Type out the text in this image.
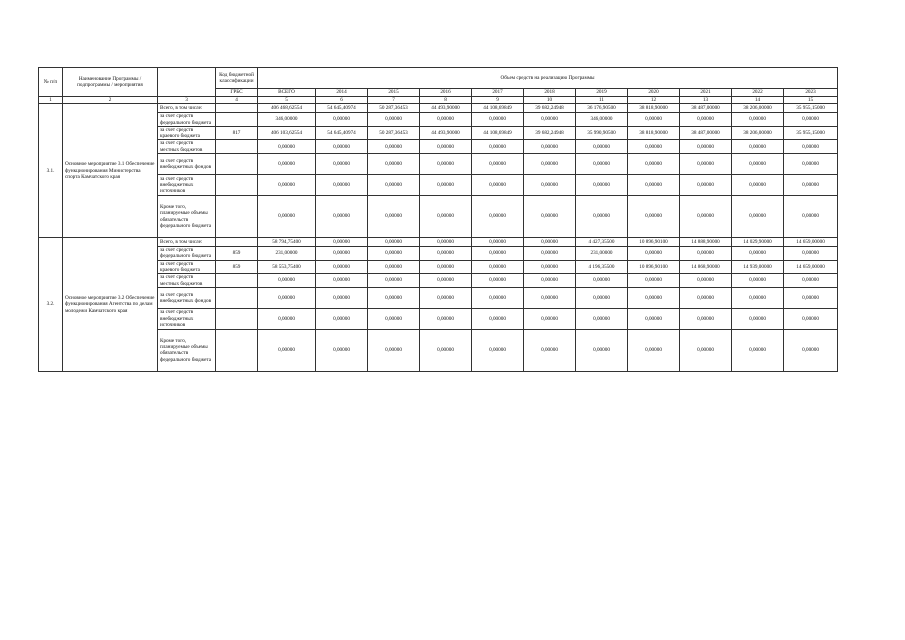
№ п/п	Наименование Программы / подпрограммы / мероприятия		Код бюджетной классификации	Объем средств на реализацию Программы										
			ГРБС	ВСЕГО	2014	2015	2016	2017	2018	2019	2020	2021	2022	2023
1	2	3	4	5	6	7	8	9	10	11	12	13	14	15
3.1.	Основное мероприятие 3.1 Обеспечение функционирования Министерства спорта Камчатского края	Всего, в том числе:		406 468,62554	54 645,40974	50 287,36453	44 493,90000	44 108,69849	39 682,24948	36 176,90500	38 818,90000	38 487,00000	38 206,00000	35 955,15000
		за счет средств федерального бюджета		346,00000	0,00000	0,00000	0,00000	0,00000	0,00000	346,00000	0,00000	0,00000	0,00000	0,00000
		за счет средств краевого бюджета	817	406 103,62554	54 645,40974	50 287,36453	44 493,90000	44 108,69849	39 682,24948	35 990,90500	38 818,90000	38 487,00000	38 206,00000	35 955,15000
		за счет средств местных бюджетов		0,00000	0,00000	0,00000	0,00000	0,00000	0,00000	0,00000	0,00000	0,00000	0,00000	0,00000
		за счет средств внебюджетных фондов		0,00000	0,00000	0,00000	0,00000	0,00000	0,00000	0,00000	0,00000	0,00000	0,00000	0,00000
		за счет средств внебюджетных источников		0,00000	0,00000	0,00000	0,00000	0,00000	0,00000	0,00000	0,00000	0,00000	0,00000	0,00000
		Кроме того, планируемые объемы обязательств федерального бюджета		0,00000	0,00000	0,00000	0,00000	0,00000	0,00000	0,00000	0,00000	0,00000	0,00000	0,00000
3.2.	Основное мероприятие 3.2 Обеспечение функционирования Агентства по делам молодежи Камчатского края	Всего, в том числе:		58 794,75400	0,00000	0,00000	0,00000	0,00000	0,00000	4 427,35500	10 896,90100	14 888,90000	14 029,90000	14 659,00000
		за счет средств федерального бюджета	859	231,00000	0,00000	0,00000	0,00000	0,00000	0,00000	231,00000	0,00000	0,00000	0,00000	0,00000
		за счет средств краевого бюджета	859	58 553,75400	0,00000	0,00000	0,00000	0,00000	0,00000	4 196,35500	10 896,90100	14 868,90000	14 939,00000	14 659,00000
		за счет средств местных бюджетов		0,00000	0,00000	0,00000	0,00000	0,00000	0,00000	0,00000	0,00000	0,00000	0,00000	0,00000
		за счет средств внебюджетных фондов		0,00000	0,00000	0,00000	0,00000	0,00000	0,00000	0,00000	0,00000	0,00000	0,00000	0,00000
		за счет средств внебюджетных источников		0,00000	0,00000	0,00000	0,00000	0,00000	0,00000	0,00000	0,00000	0,00000	0,00000	0,00000
		Кроме того, планируемые объемы обязательств федерального бюджета		0,00000	0,00000	0,00000	0,00000	0,00000	0,00000	0,00000	0,00000	0,00000	0,00000	0,00000
